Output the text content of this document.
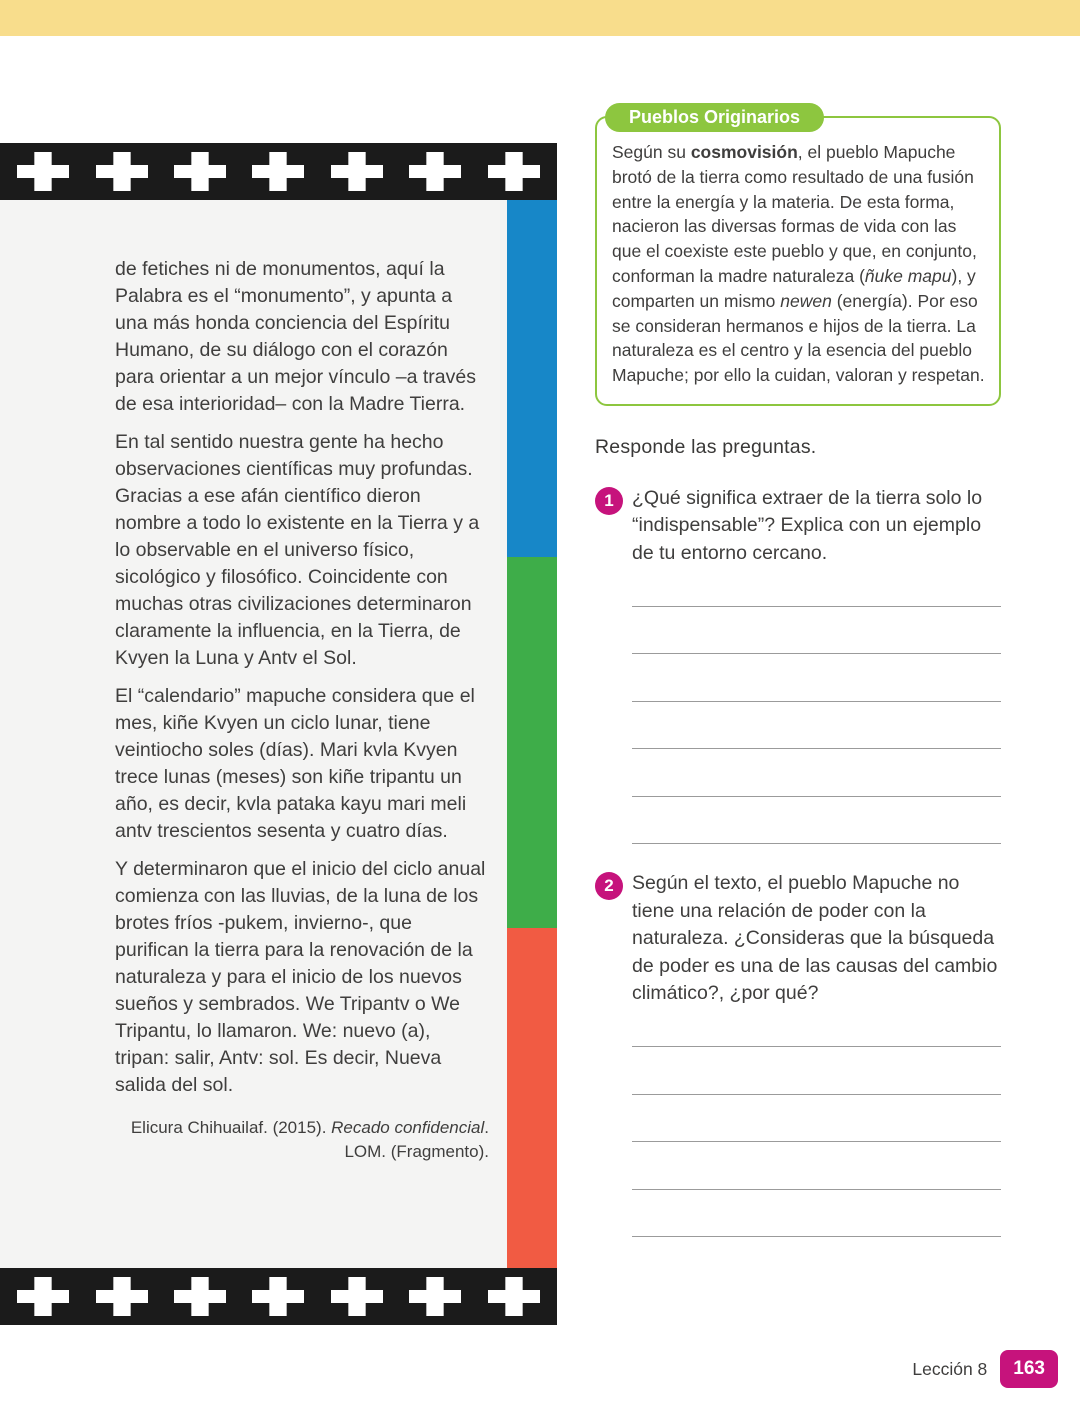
de fetiches ni de monumentos, aquí la Palabra es el “monumento”, y apunta a una más honda conciencia del Espíritu Humano, de su diálogo con el corazón para orientar a un mejor vínculo –a través de esa interioridad– con la Madre Tierra.

En tal sentido nuestra gente ha hecho observaciones científicas muy profundas. Gracias a ese afán científico dieron nombre a todo lo existente en la Tierra y a lo observable en el universo físico, sicológico y filosófico. Coincidente con muchas otras civilizaciones determinaron claramente la influencia, en la Tierra, de Kvyen la Luna y Antv el Sol.

El “calendario” mapuche considera que el mes, kiñe Kvyen un ciclo lunar, tiene veintiocho soles (días). Mari kvla Kvyen trece lunas (meses) son kiñe tripantu un año, es decir, kvla pataka kayu mari meli antv trescientos sesenta y cuatro días.

Y determinaron que el inicio del ciclo anual comienza con las lluvias, de la luna de los brotes fríos -pukem, invierno-, que purifican la tierra para la renovación de la naturaleza y para el inicio de los nuevos sueños y sembrados. We Tripantv o We Tripantu, lo llamaron. We: nuevo (a), tripan: salir, Antv: sol. Es decir, Nueva salida del sol.

Elicura Chihuailaf. (2015). Recado confidencial. LOM. (Fragmento).

Pueblos Originarios

Según su cosmovisión, el pueblo Mapuche brotó de la tierra como resultado de una fusión entre la energía y la materia. De esta forma, nacieron las diversas formas de vida con las que el coexiste este pueblo y que, en conjunto, conforman la madre naturaleza (ñuke mapu), y comparten un mismo newen (energía). Por eso se consideran hermanos e hijos de la tierra. La naturaleza es el centro y la esencia del pueblo Mapuche; por ello la cuidan, valoran y respetan.

Responde las preguntas.
1 ¿Qué significa extraer de la tierra solo lo “indispensable”? Explica con un ejemplo de tu entorno cercano.
2 Según el texto, el pueblo Mapuche no tiene una relación de poder con la naturaleza. ¿Consideras que la búsqueda de poder es una de las causas del cambio climático?, ¿por qué?
Lección 8	163
